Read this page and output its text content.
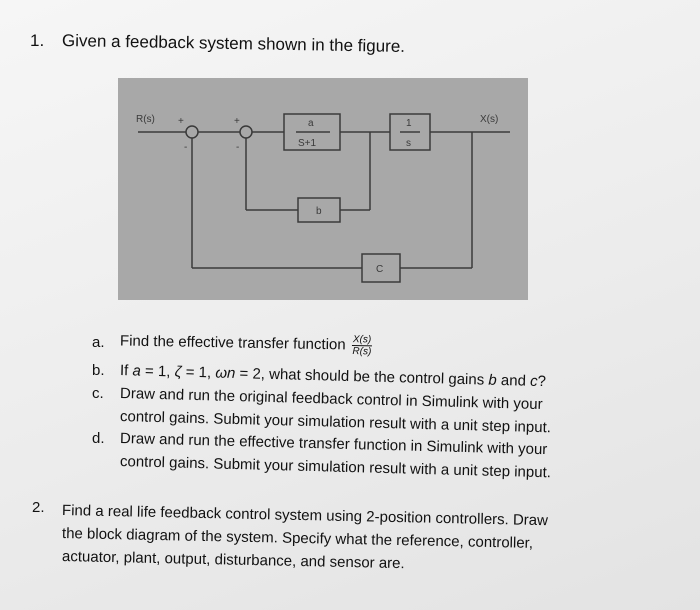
1. Given a feedback system shown in the figure.
R(s)	X(s)
+
-
+
-
a
S+1
1
s
b
C
a. Find the effective transfer function $\frac{X(s)}{R(s)}$
b. If a = 1, ζ = 1, ωn = 2, what should be the control gains b and c?
c. Draw and run the original feedback control in Simulink with your
control gains. Submit your simulation result with a unit step input.
d. Draw and run the effective transfer function in Simulink with your
control gains. Submit your simulation result with a unit step input.
2. Find a real life feedback control system using 2-position controllers. Draw
the block diagram of the system. Specify what the reference, controller,
actuator, plant, output, disturbance, and sensor are.
